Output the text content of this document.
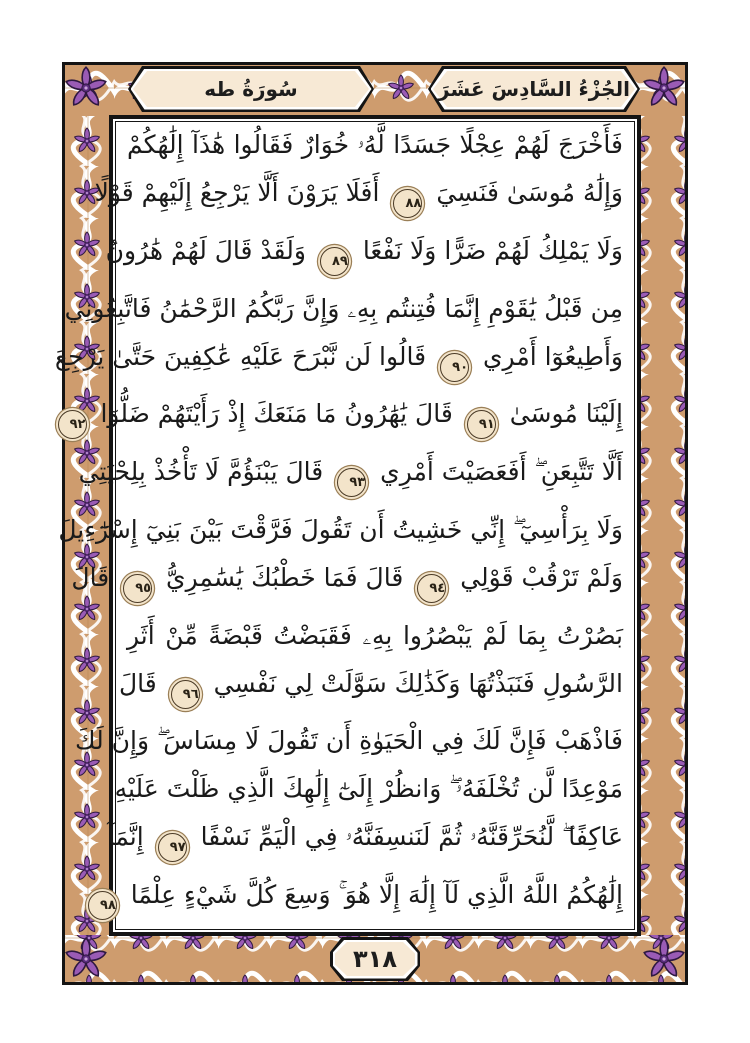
سُورَةُ طه	الجُزْءُ السَّادِسَ عَشَرَ
فَأَخْرَجَ لَهُمْ عِجْلًا جَسَدًا لَّهُۥ خُوَارٌ فَقَالُوا هَٰذَآ إِلَٰهُكُمْ
وَإِلَٰهُ مُوسَىٰ فَنَسِيَ ٨٨ أَفَلَا يَرَوْنَ أَلَّا يَرْجِعُ إِلَيْهِمْ قَوْلًا
وَلَا يَمْلِكُ لَهُمْ ضَرًّا وَلَا نَفْعًا ٨٩ وَلَقَدْ قَالَ لَهُمْ هَٰرُونُ
مِن قَبْلُ يَٰقَوْمِ إِنَّمَا فُتِنتُم بِهِۦ وَإِنَّ رَبَّكُمُ الرَّحْمَٰنُ فَاتَّبِعُونِي
وَأَطِيعُوٓا أَمْرِي ٩٠ قَالُوا لَن نَّبْرَحَ عَلَيْهِ عَٰكِفِينَ حَتَّىٰ يَرْجِعَ
إِلَيْنَا مُوسَىٰ ٩١ قَالَ يَٰهَٰرُونُ مَا مَنَعَكَ إِذْ رَأَيْتَهُمْ ضَلُّوٓا ٩٢
أَلَّا تَتَّبِعَنِ ۖ أَفَعَصَيْتَ أَمْرِي ٩٣ قَالَ يَبْنَؤُمَّ لَا تَأْخُذْ بِلِحْيَتِي
وَلَا بِرَأْسِيٓ ۖ إِنِّي خَشِيتُ أَن تَقُولَ فَرَّقْتَ بَيْنَ بَنِيٓ إِسْرَٰٓءِيلَ
وَلَمْ تَرْقُبْ قَوْلِي ٩٤ قَالَ فَمَا خَطْبُكَ يَٰسَٰمِرِيُّ ٩٥ قَالَ
بَصُرْتُ بِمَا لَمْ يَبْصُرُوا بِهِۦ فَقَبَضْتُ قَبْضَةً مِّنْ أَثَرِ
الرَّسُولِ فَنَبَذْتُهَا وَكَذَٰلِكَ سَوَّلَتْ لِي نَفْسِي ٩٦ قَالَ
فَاذْهَبْ فَإِنَّ لَكَ فِي الْحَيَوٰةِ أَن تَقُولَ لَا مِسَاسَ ۖ وَإِنَّ لَكَ
مَوْعِدًا لَّن تُخْلَفَهُۥ ۖ وَانظُرْ إِلَىٰٓ إِلَٰهِكَ الَّذِي ظَلْتَ عَلَيْهِ
عَاكِفًا ۖ لَّنُحَرِّقَنَّهُۥ ثُمَّ لَنَنسِفَنَّهُۥ فِي الْيَمِّ نَسْفًا ٩٧ إِنَّمَآ
إِلَٰهُكُمُ اللَّهُ الَّذِي لَآ إِلَٰهَ إِلَّا هُوَ ۚ وَسِعَ كُلَّ شَيْءٍ عِلْمًا ٩٨
٣١٨
